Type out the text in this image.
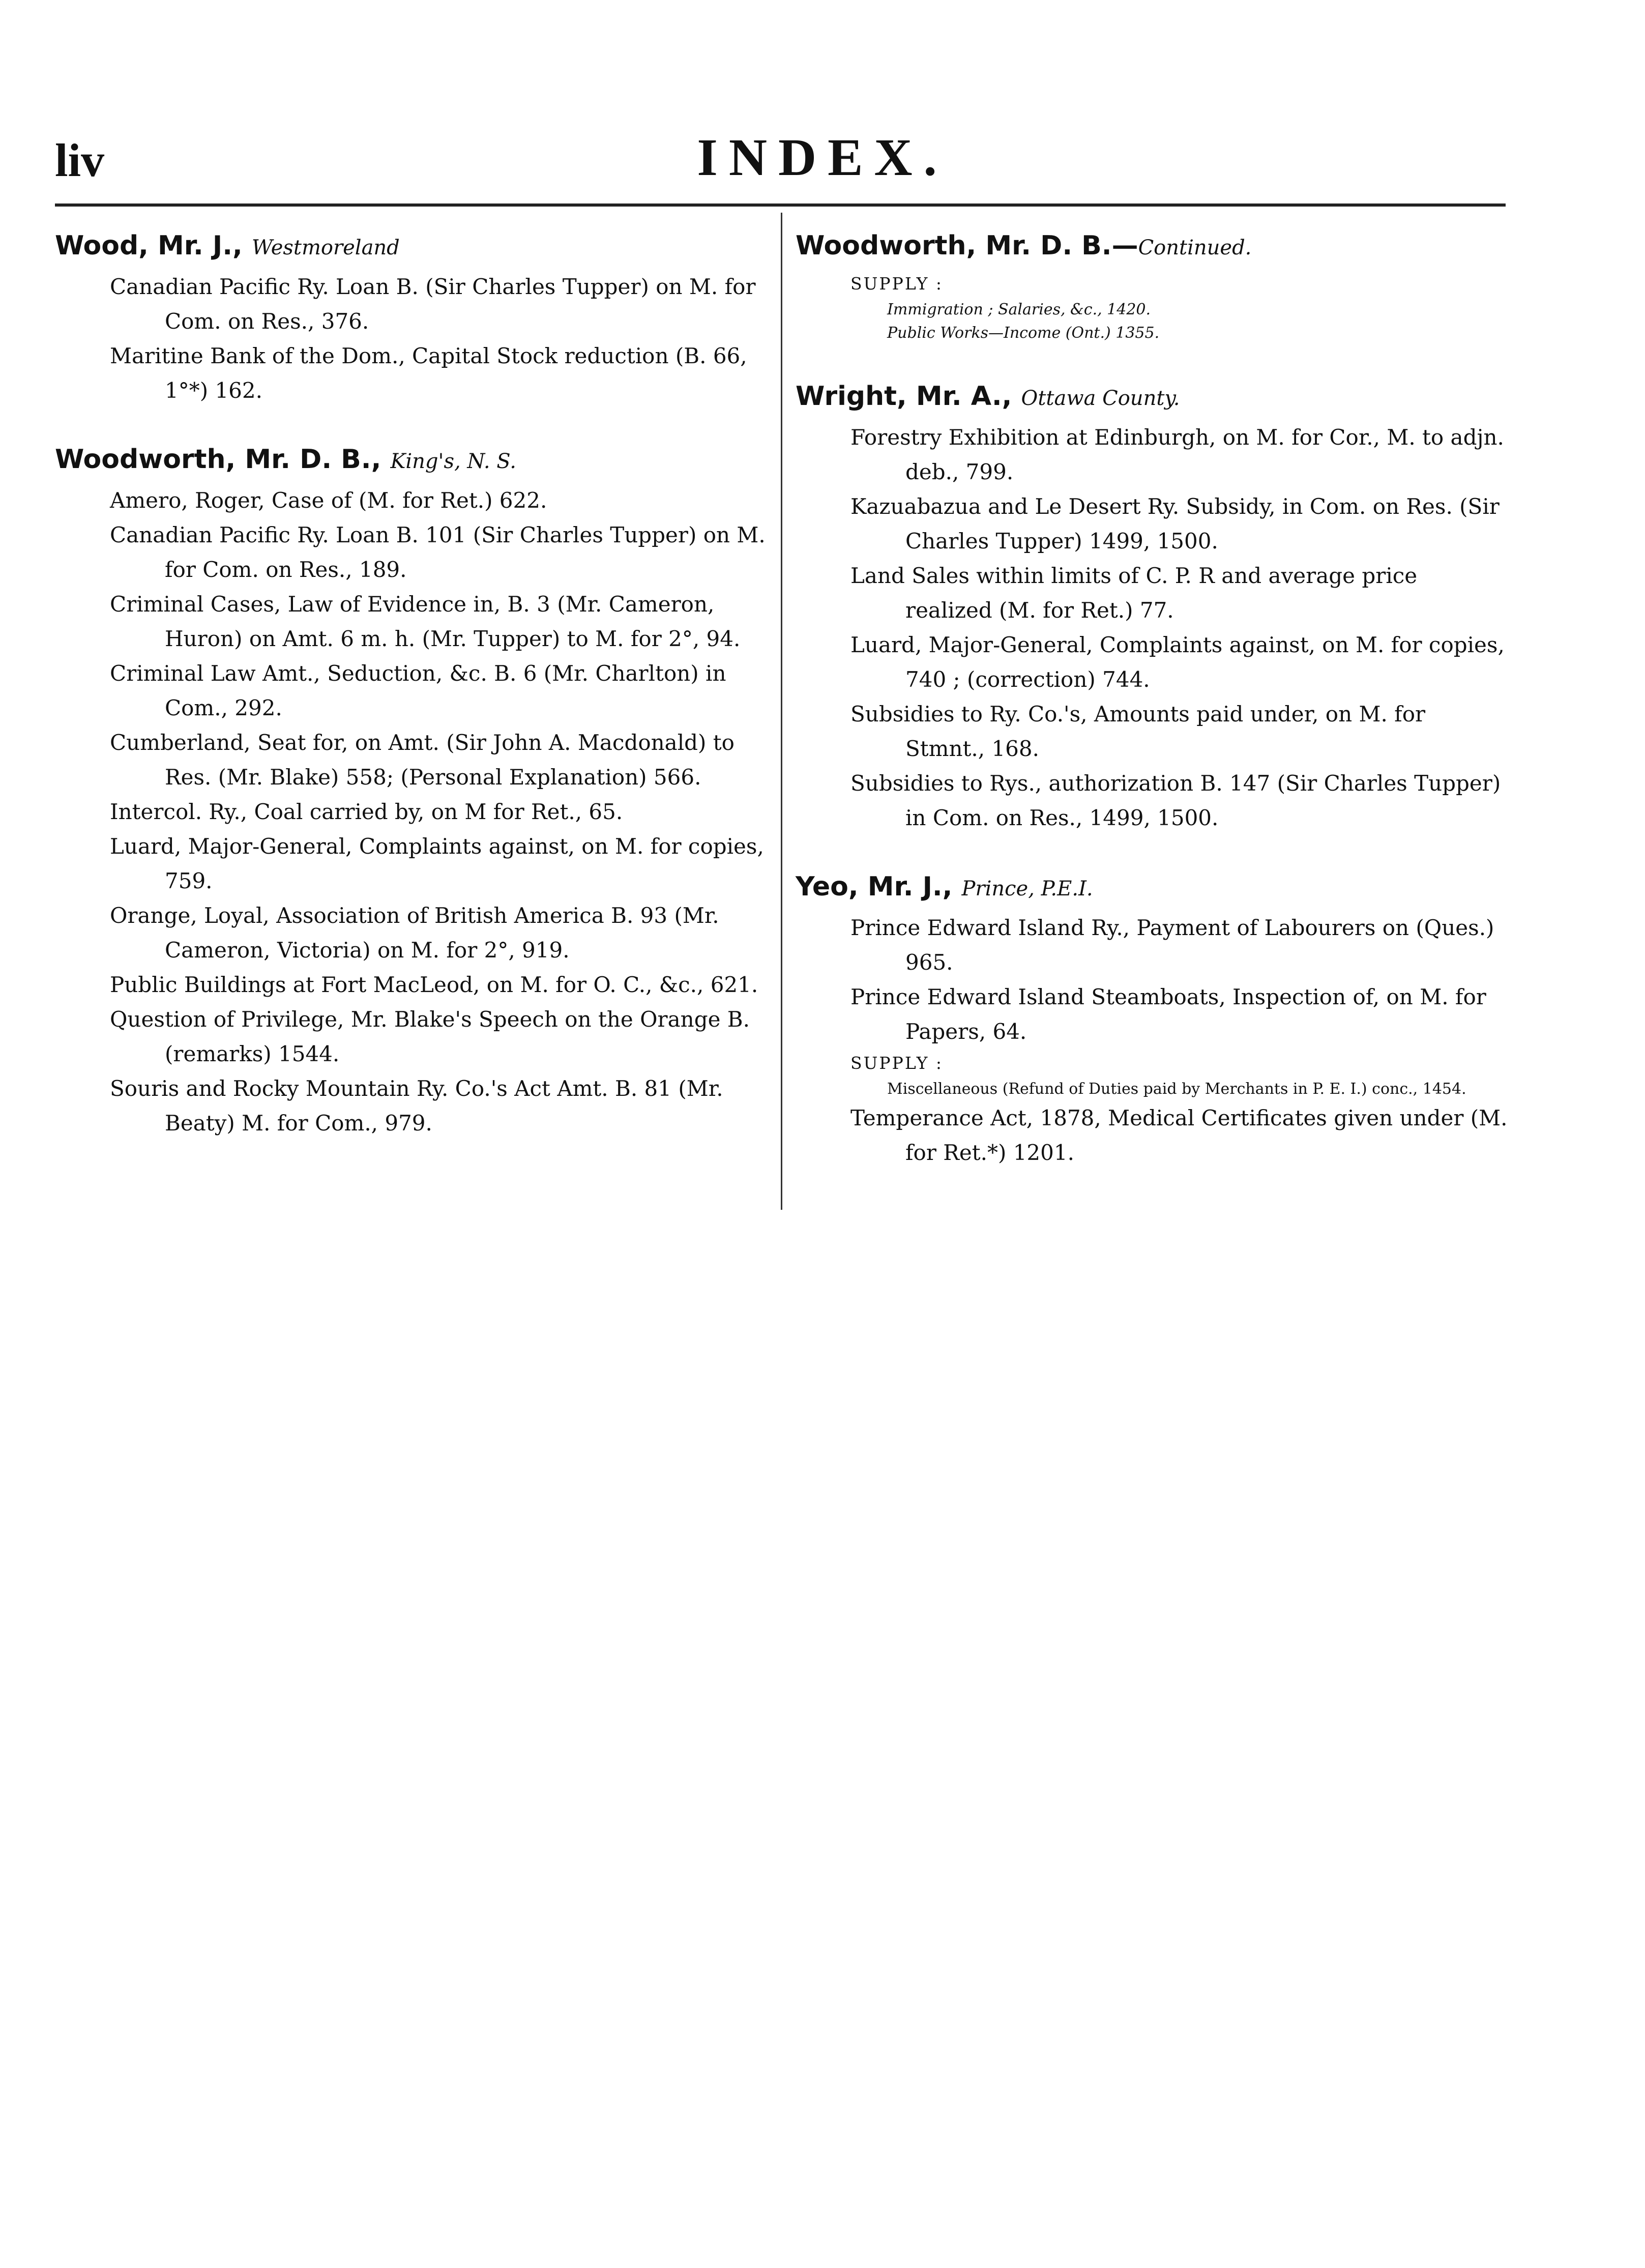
liv	INDEX.
Wood, Mr. J., Westmoreland
Canadian Pacific Ry. Loan B. (Sir Charles Tupper) on M. for Com. on Res., 376.
Maritine Bank of the Dom., Capital Stock reduction (B. 66, 1°*) 162.
Woodworth, Mr. D. B., King's, N. S.
Amero, Roger, Case of (M. for Ret.) 622.
Canadian Pacific Ry. Loan B. 101 (Sir Charles Tupper) on M. for Com. on Res., 189.
Criminal Cases, Law of Evidence in, B. 3 (Mr. Cameron, Huron) on Amt. 6 m. h. (Mr. Tupper) to M. for 2°, 94.
Criminal Law Amt., Seduction, &c. B. 6 (Mr. Charlton) in Com., 292.
Cumberland, Seat for, on Amt. (Sir John A. Macdonald) to Res. (Mr. Blake) 558; (Personal Explanation) 566.
Intercol. Ry., Coal carried by, on M for Ret., 65.
Luard, Major-General, Complaints against, on M. for copies, 759.
Orange, Loyal, Association of British America B. 93 (Mr. Cameron, Victoria) on M. for 2°, 919.
Public Buildings at Fort MacLeod, on M. for O. C., &c., 621.
Question of Privilege, Mr. Blake's Speech on the Orange B. (remarks) 1544.
Souris and Rocky Mountain Ry. Co.'s Act Amt. B. 81 (Mr. Beaty) M. for Com., 979.
Woodworth, Mr. D. B.—Continued.
SUPPLY :
Immigration ; Salaries, &c., 1420.
Public Works—Income (Ont.) 1355.
Wright, Mr. A., Ottawa County.
Forestry Exhibition at Edinburgh, on M. for Cor., M. to adjn. deb., 799.
Kazuabazua and Le Desert Ry. Subsidy, in Com. on Res. (Sir Charles Tupper) 1499, 1500.
Land Sales within limits of C. P. R and average price realized (M. for Ret.) 77.
Luard, Major-General, Complaints against, on M. for copies, 740 ; (correction) 744.
Subsidies to Ry. Co.'s, Amounts paid under, on M. for Stmnt., 168.
Subsidies to Rys., authorization B. 147 (Sir Charles Tupper) in Com. on Res., 1499, 1500.
Yeo, Mr. J., Prince, P.E.I.
Prince Edward Island Ry., Payment of Labourers on (Ques.) 965.
Prince Edward Island Steamboats, Inspection of, on M. for Papers, 64.
SUPPLY :
Miscellaneous (Refund of Duties paid by Merchants in P. E. I.) conc., 1454.
Temperance Act, 1878, Medical Certificates given under (M. for Ret.*) 1201.
